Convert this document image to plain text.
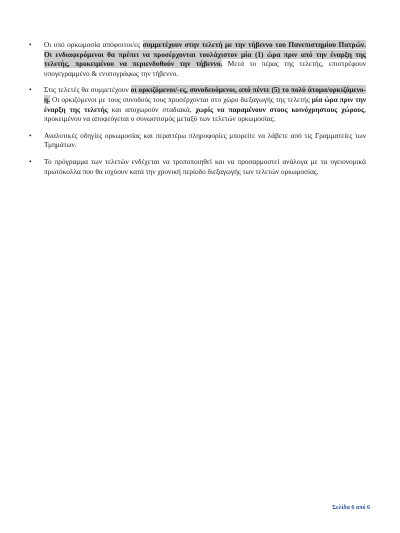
• Οι υπό ορκωμοσία απόφοιτοι/ες συμμετέχουν στην τελετή με την τήβεννο του Πανεπιστημίου Πατρών. Οι ενδιαφερόμενοι θα πρέπει να προσέρχονται τουλάχιστον μία (1) ώρα πριν από την έναρξη της τελετής, προκειμένου να περιενδυθούν την τήβεννο. Μετά το πέρας της τελετής, επιστρέφουν υπογεγραμμένο & ενυπογράφως την τήβεννο.
• Στις τελετές θα συμμετέχουν οι ορκιζόμενοι/-ες, συνοδευόμενοι, από πέντε (5) το πολύ άτομα/ορκιζόμενο-η. Οι ορκιζόμενοι με τους συνοδούς τους προσέρχονται στο χώρο διεξαγωγής της τελετής μία ώρα πριν την έναρξη της τελετής και αποχωρούν σταδιακά, χωρίς να παραμένουν στους κοινόχρηστους χώρους, προκειμένου να αποφεύγεται ο συνωστισμός μεταξύ των τελετών ορκωμοσίας.
• Αναλυτικές οδηγίες ορκωμοσίας και περαιτέρω πληροφορίες μπορείτε να λάβετε από τις Γραμματείες των Τμημάτων.
• Το πρόγραμμα των τελετών ενδέχεται να τροποποιηθεί και να προσαρμοστεί ανάλογα με τα υγειονομικά πρωτόκολλα που θα ισχύουν κατά την χρονική περίοδο διεξαγωγής των τελετών ορκωμοσίας.
Σελίδα 6 από 6
